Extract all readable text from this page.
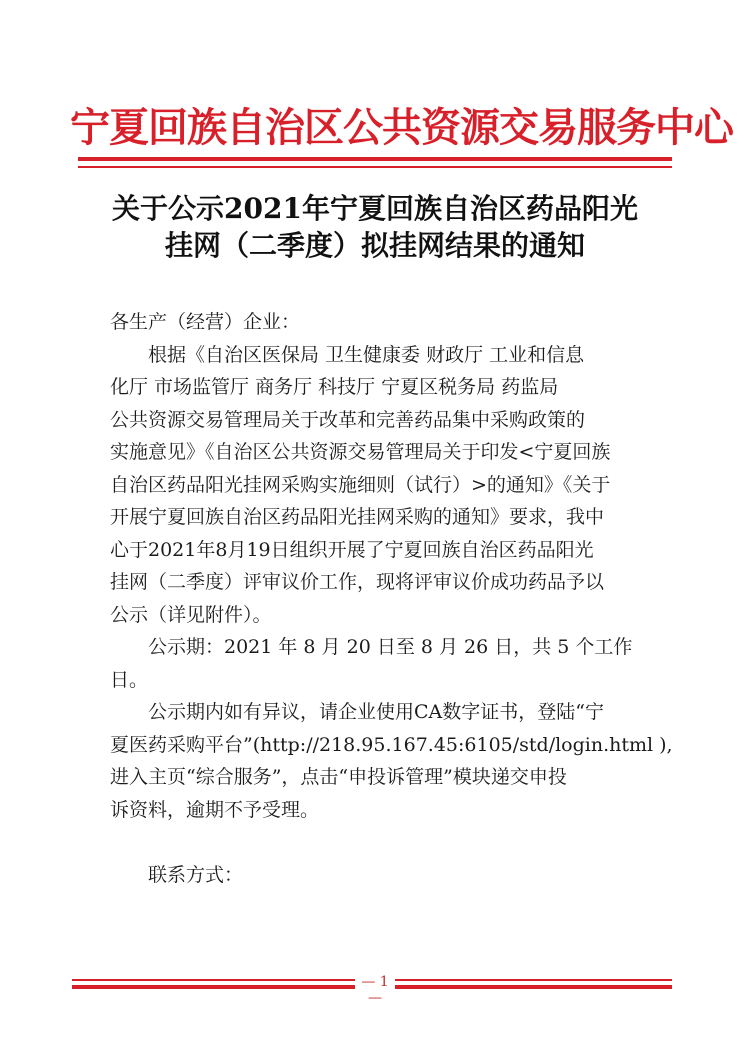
宁夏回族自治区公共资源交易服务中心
关于公示2021年宁夏回族自治区药品阳光
挂网（二季度）拟挂网结果的通知
各生产（经营）企业：
根据《自治区医保局 卫生健康委 财政厅 工业和信息
化厅 市场监管厅 商务厅 科技厅 宁夏区税务局 药监局
公共资源交易管理局关于改革和完善药品集中采购政策的
实施意见》《自治区公共资源交易管理局关于印发<宁夏回族
自治区药品阳光挂网采购实施细则（试行）>的通知》《关于
开展宁夏回族自治区药品阳光挂网采购的通知》要求，我中
心于2021年8月19日组织开展了宁夏回族自治区药品阳光
挂网（二季度）评审议价工作，现将评审议价成功药品予以
公示（详见附件）。
公示期：2021 年 8 月 20 日至 8 月 26 日，共 5 个工作
日。
公示期内如有异议，请企业使用CA数字证书，登陆“宁
夏医药采购平台”(http://218.95.167.45:6105/std/login.html ),
进入主页“综合服务”，点击“申投诉管理”模块递交申投
诉资料，逾期不予受理。
联系方式：
— 1 —
